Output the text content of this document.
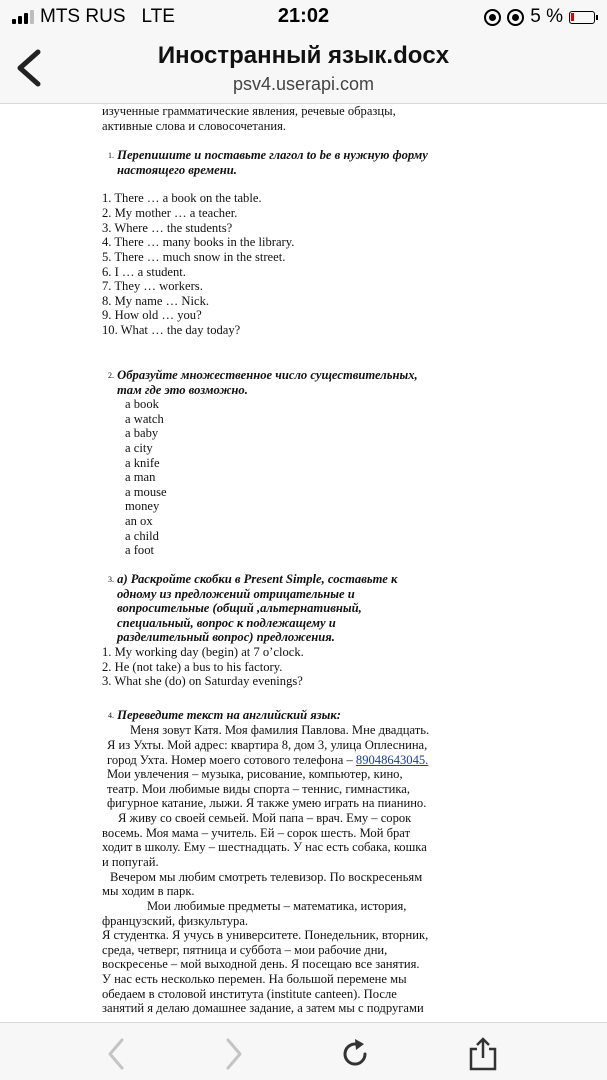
MTS RUS LTE	21:02	5 %
Иностранный язык.docx
psv4.userapi.com
изученные грамматические явления, речевые образцы,
активные слова и словосочетания.
1. Перепишите и поставьте глагол to be в нужную форму
настоящего времени.
1. There … a book on the table.
2. My mother … a teacher.
3. Where … the students?
4. There … many books in the library.
5. There … much snow in the street.
6. I … a student.
7. They … workers.
8. My name … Nick.
9. How old … you?
10. What … the day today?
2. Образуйте множественное число существительных,
там где это возможно.
a book
a watch
a baby
a city
a knife
a man
a mouse
money
an ox
a child
a foot
3. a) Раскройте скобки в Present Simple, составьте к
одному из предложений отрицательные и
вопросительные (общий ,альтернативный,
специальный, вопрос к подлежащему и
разделительный вопрос) предложения.
1. My working day (begin) at 7 o’clock.
2. He (not take) a bus to his factory.
3. What she (do) on Saturday evenings?
4. Переведите текст на английский язык:
Меня зовут Катя. Моя фамилия Павлова. Мне двадцать.
Я из Ухты. Мой адрес: квартира 8, дом 3, улица Оплеснина,
город Ухта. Номер моего сотового телефона – 89048643045.
Мои увлечения – музыка, рисование, компьютер, кино,
театр. Мои любимые виды спорта – теннис, гимнастика,
фигурное катание, лыжи. Я также умею играть на пианино.
Я живу со своей семьей. Мой папа – врач. Ему – сорок
восемь. Моя мама – учитель. Ей – сорок шесть. Мой брат
ходит в школу. Ему – шестнадцать. У нас есть собака, кошка
и попугай.
Вечером мы любим смотреть телевизор. По воскресеньям
мы ходим в парк.
Мои любимые предметы – математика, история,
французский, физкультура.
Я студентка. Я учусь в университете. Понедельник, вторник,
среда, четверг, пятница и суббота – мои рабочие дни,
воскресенье – мой выходной день. Я посещаю все занятия.
У нас есть несколько перемен. На большой перемене мы
обедаем в столовой института (institute canteen). После
занятий я делаю домашнее задание, а затем мы с подругами
